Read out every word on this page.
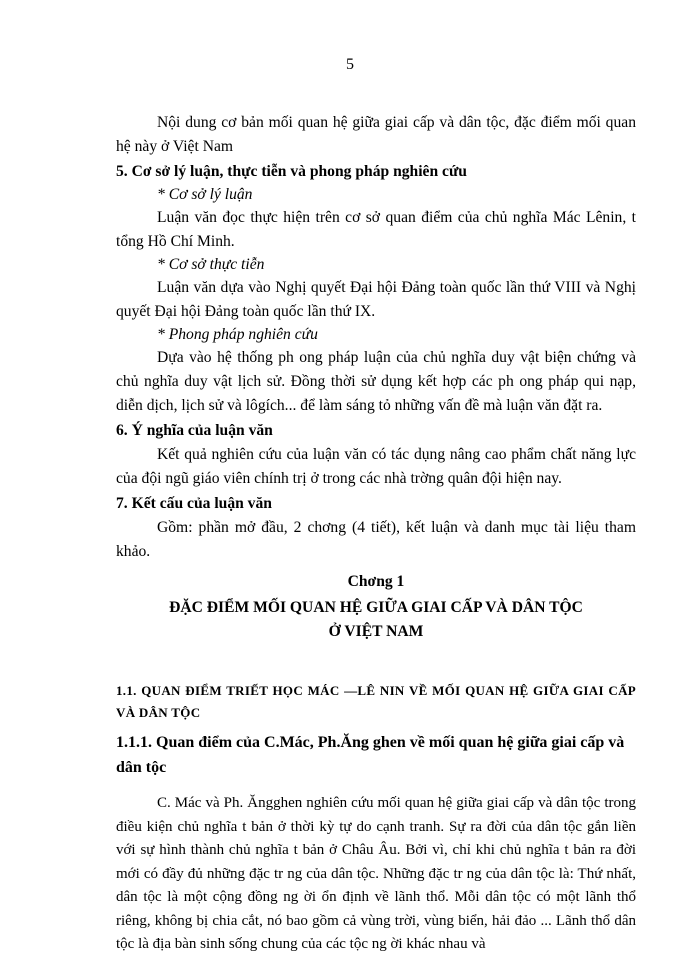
5

Nội dung cơ bản mối quan hệ giữa giai cấp và dân tộc, đặc điểm mối quan hệ này ở Việt Nam

5. Cơ sở lý luận, thực tiễn và phong pháp nghiên cứu
* Cơ sở lý luận

Luận văn đọc thực hiện trên cơ sở quan điểm của chủ nghĩa Mác Lênin, t tổng Hồ Chí Minh.

* Cơ sở thực tiễn

Luận văn dựa vào Nghị quyết Đại hội Đảng toàn quốc lần thứ VIII và Nghị quyết Đại hội Đảng toàn quốc lần thứ IX.

* Phong pháp nghiên cứu

Dựa vào hệ thống ph ong pháp luận của chủ nghĩa duy vật biện chứng và chủ nghĩa duy vật lịch sử. Đồng thời sử dụng kết hợp các ph ong pháp qui nạp, diễn dịch, lịch sử và lôgích... để làm sáng tỏ những vấn đề mà luận văn đặt ra.

6. Ý nghĩa của luận văn

Kết quả nghiên cứu của luận văn có tác dụng nâng cao phẩm chất năng lực của đội ngũ giáo viên chính trị ở trong các nhà trờng quân đội hiện nay.

7. Kết cấu của luận văn

Gồm: phần mở đầu, 2 chơng (4 tiết), kết luận và danh mục tài liệu tham khảo.

Chơng 1
ĐẶC ĐIỂM MỐI QUAN HỆ GIỮA GIAI CẤP VÀ DÂN TỘC
Ở VIỆT NAM
1.1. QUAN ĐIỂM TRIẾT HỌC MÁC —LÊ NIN VỀ MỐI QUAN HỆ GIỮA GIAI CẤP VÀ DÂN TỘC
1.1.1. Quan điểm của C.Mác, Ph.Ăng ghen về mối quan hệ giữa giai cấp và dân tộc

C. Mác và Ph. Ăngghen nghiên cứu mối quan hệ giữa giai cấp và dân tộc trong điều kiện chủ nghĩa t bản ở thời kỳ tự do cạnh tranh. Sự ra đời của dân tộc gắn liền với sự hình thành chủ nghĩa t bản ở Châu Âu. Bởi vì, chỉ khi chủ nghĩa t bản ra đời mới có đầy đủ những đặc tr ng của dân tộc. Những đặc tr ng của dân tộc là: Thứ nhất, dân tộc là một cộng đồng ng ời ổn định về lãnh thổ. Mỗi dân tộc có một lãnh thổ riêng, không bị chia cắt, nó bao gồm cả vùng trời, vùng biển, hải đảo ... Lãnh thổ dân tộc là địa bàn sinh sống chung của các tộc ng ời khác nhau và
